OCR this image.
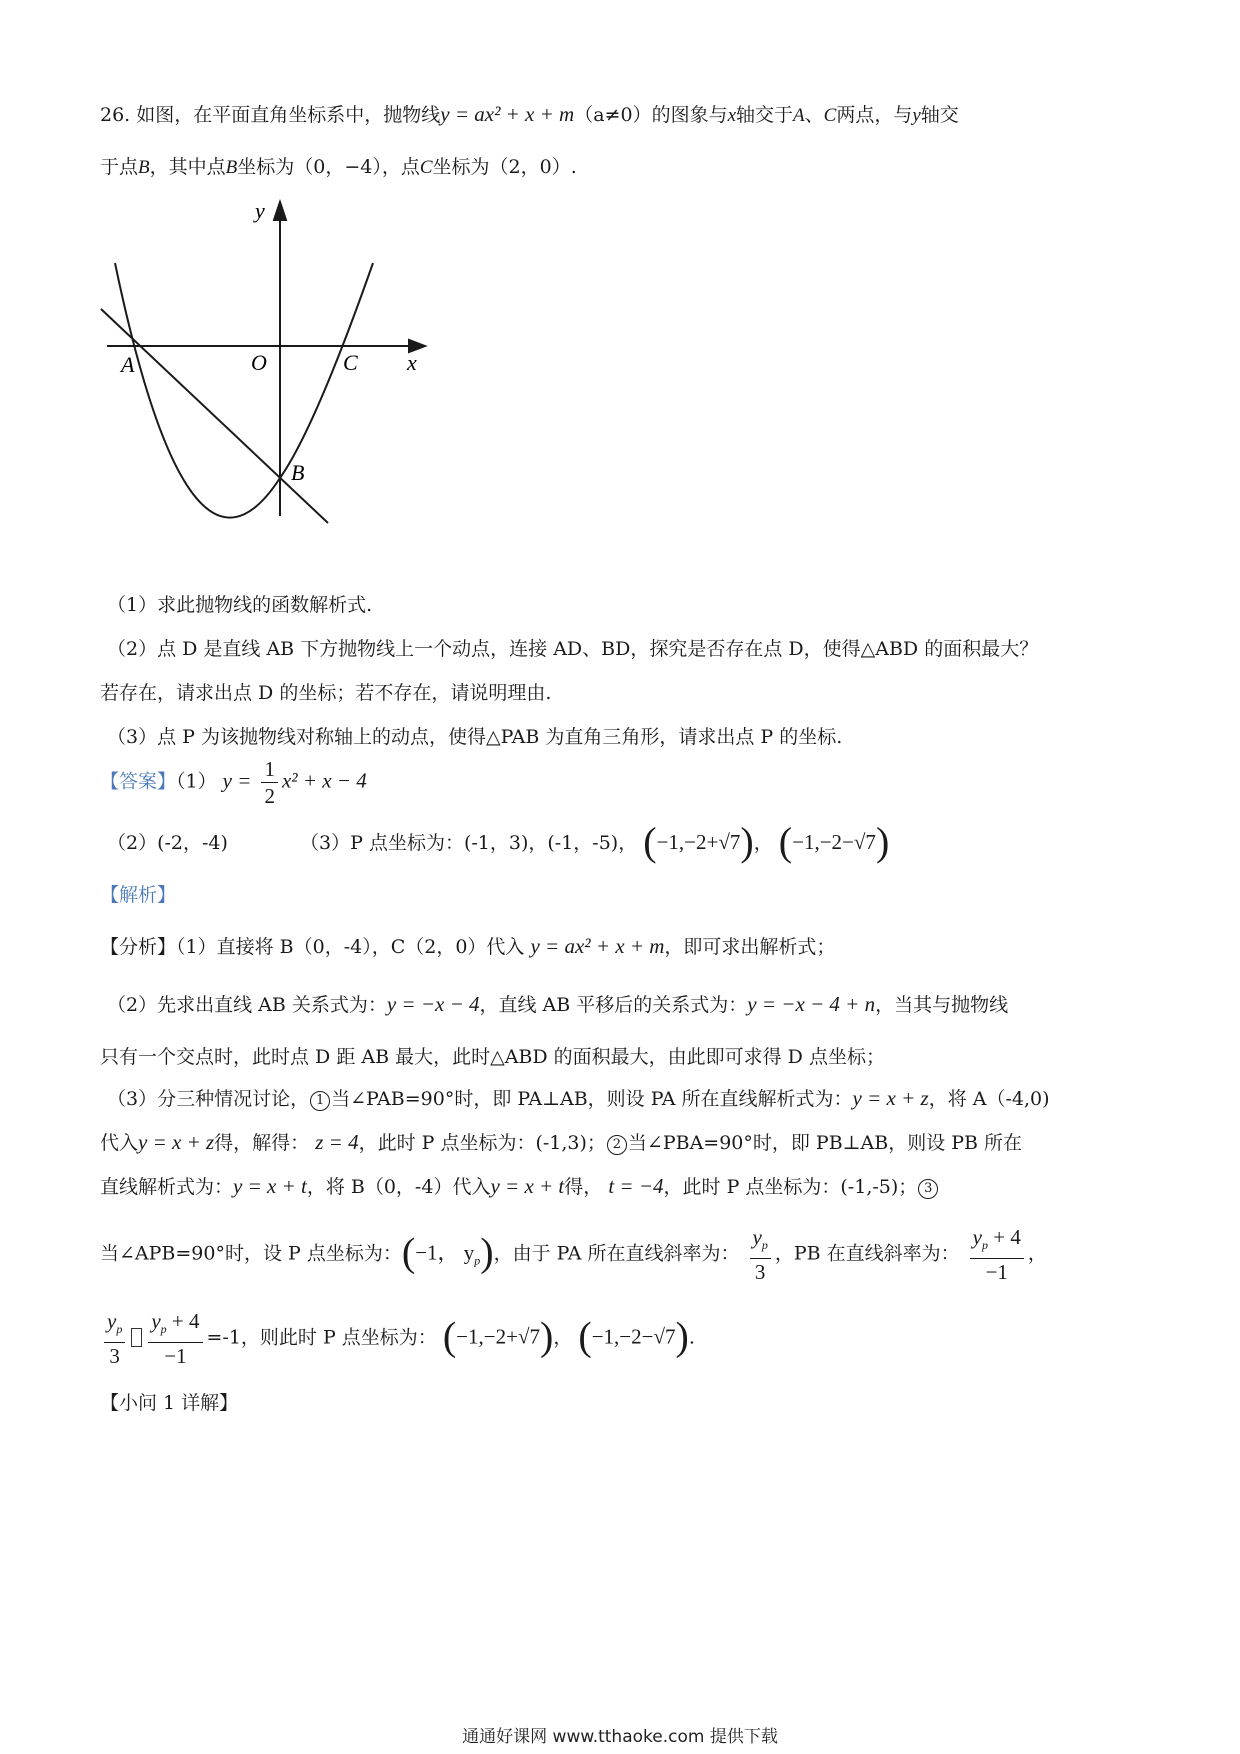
26. 如图，在平面直角坐标系中，抛物线y = ax² + x + m（a≠0）的图象与x轴交于A、C两点，与y轴交
于点B，其中点B坐标为（0，−4），点C坐标为（2，0）.
y
x
O
A	C
B
（1）求此抛物线的函数解析式.
（2）点 D 是直线 AB 下方抛物线上一个动点，连接 AD、BD，探究是否存在点 D，使得△ABD 的面积最大？
若存在，请求出点 D 的坐标；若不存在，请说明理由.
（3）点 P 为该抛物线对称轴上的动点，使得△PAB 为直角三角形，请求出点 P 的坐标.
【答案】（1） $y = \frac{1}{2} x^2 + x - 4$
（2）(-2，-4)	（3）P 点坐标为：(-1，3)，(-1，-5)， (−1,−2+√7)， (−1,−2−√7)
【解析】
【分析】（1）直接将 B（0，-4），C（2，0）代入 y = ax² + x + m，即可求出解析式；
（2）先求出直线 AB 关系式为：y = −x − 4，直线 AB 平移后的关系式为：y = −x − 4 + n，当其与抛物线
只有一个交点时，此时点 D 距 AB 最大，此时△ABD 的面积最大，由此即可求得 D 点坐标；
（3）分三种情况讨论， 1 当∠PAB=90°时，即 PA⊥AB，则设 PA 所在直线解析式为：y = x + z，将 A（-4,0)
代入y = x + z得，解得： z = 4，此时 P 点坐标为：(-1,3)； 2 当∠PBA=90°时，即 PB⊥AB，则设 PB 所在
直线解析式为：y = x + t，将 B（0，-4）代入y = x + t得， t = −4，此时 P 点坐标为：(-1,-5)； 3
当∠APB=90°时，设 P 点坐标为：(−1， $y_p$)，由于 PA 所在直线斜率为： $\frac{y_p}{3}$ ，PB 在直线斜率为： $\frac{y_p + 4}{-1}$ ，
$\frac{y_p}{3} \frac{y_p + 4}{-1} =-1$，则此时 P 点坐标为： (−1,−2+√7)， (−1,−2−√7).
【小问 1 详解】
通通好课网 www.tthaoke.com 提供下载
